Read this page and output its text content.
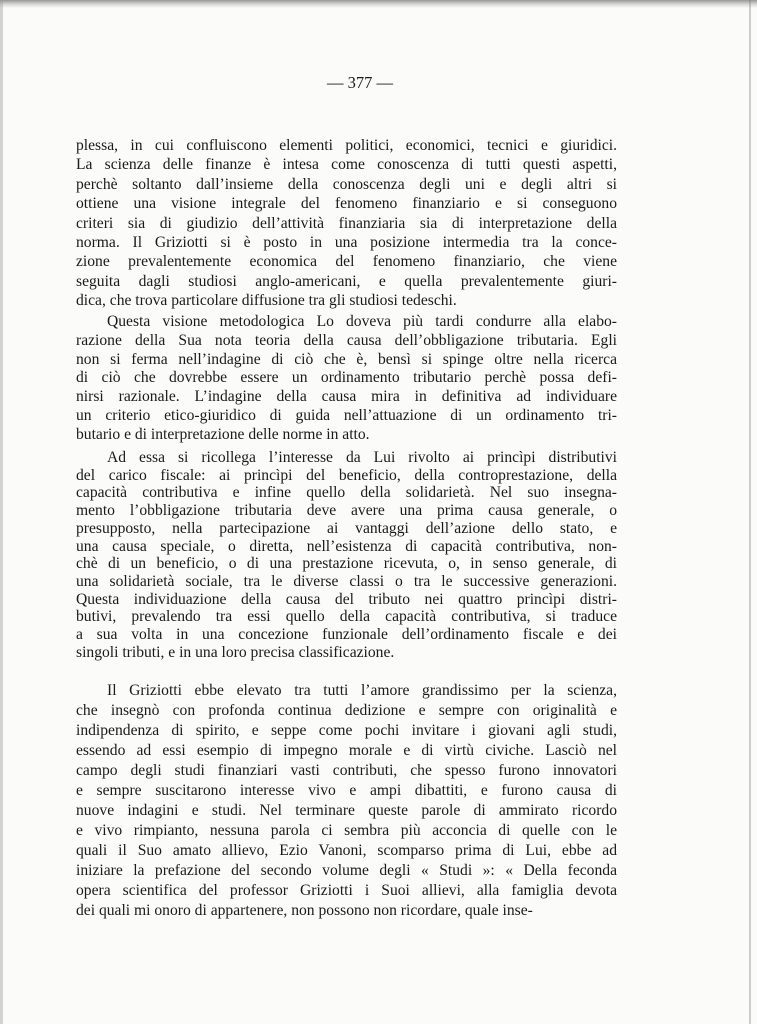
— 377 —
plessa, in cui confluiscono elementi politici, economici, tecnici e giuridici.
La scienza delle finanze è intesa come conoscenza di tutti questi aspetti,
perchè soltanto dall’insieme della conoscenza degli uni e degli altri si
ottiene una visione integrale del fenomeno finanziario e si conseguono
criteri sia di giudizio dell’attività finanziaria sia di interpretazione della
norma. Il Griziotti si è posto in una posizione intermedia tra la conce-
zione prevalentemente economica del fenomeno finanziario, che viene
seguita dagli studiosi anglo-americani, e quella prevalentemente giuri-
dica, che trova particolare diffusione tra gli studiosi tedeschi.
Questa visione metodologica Lo doveva più tardi condurre alla elabo-
razione della Sua nota teoria della causa dell’obbligazione tributaria. Egli
non si ferma nell’indagine di ciò che è, bensì si spinge oltre nella ricerca
di ciò che dovrebbe essere un ordinamento tributario perchè possa defi-
nirsi razionale. L’indagine della causa mira in definitiva ad individuare
un criterio etico-giuridico di guida nell’attuazione di un ordinamento tri-
butario e di interpretazione delle norme in atto.
Ad essa si ricollega l’interesse da Lui rivolto ai princìpi distributivi
del carico fiscale: ai princìpi del beneficio, della controprestazione, della
capacità contributiva e infine quello della solidarietà. Nel suo insegna-
mento l’obbligazione tributaria deve avere una prima causa generale, o
presupposto, nella partecipazione ai vantaggi dell’azione dello stato, e
una causa speciale, o diretta, nell’esistenza di capacità contributiva, non-
chè di un beneficio, o di una prestazione ricevuta, o, in senso generale, di
una solidarietà sociale, tra le diverse classi o tra le successive generazioni.
Questa individuazione della causa del tributo nei quattro princìpi distri-
butivi, prevalendo tra essi quello della capacità contributiva, si traduce
a sua volta in una concezione funzionale dell’ordinamento fiscale e dei
singoli tributi, e in una loro precisa classificazione.
Il Griziotti ebbe elevato tra tutti l’amore grandissimo per la scienza,
che insegnò con profonda continua dedizione e sempre con originalità e
indipendenza di spirito, e seppe come pochi invitare i giovani agli studi,
essendo ad essi esempio di impegno morale e di virtù civiche. Lasciò nel
campo degli studi finanziari vasti contributi, che spesso furono innovatori
e sempre suscitarono interesse vivo e ampi dibattiti, e furono causa di
nuove indagini e studi. Nel terminare queste parole di ammirato ricordo
e vivo rimpianto, nessuna parola ci sembra più acconcia di quelle con le
quali il Suo amato allievo, Ezio Vanoni, scomparso prima di Lui, ebbe ad
iniziare la prefazione del secondo volume degli « Studi »: « Della feconda
opera scientifica del professor Griziotti i Suoi allievi, alla famiglia devota
dei quali mi onoro di appartenere, non possono non ricordare, quale inse-
